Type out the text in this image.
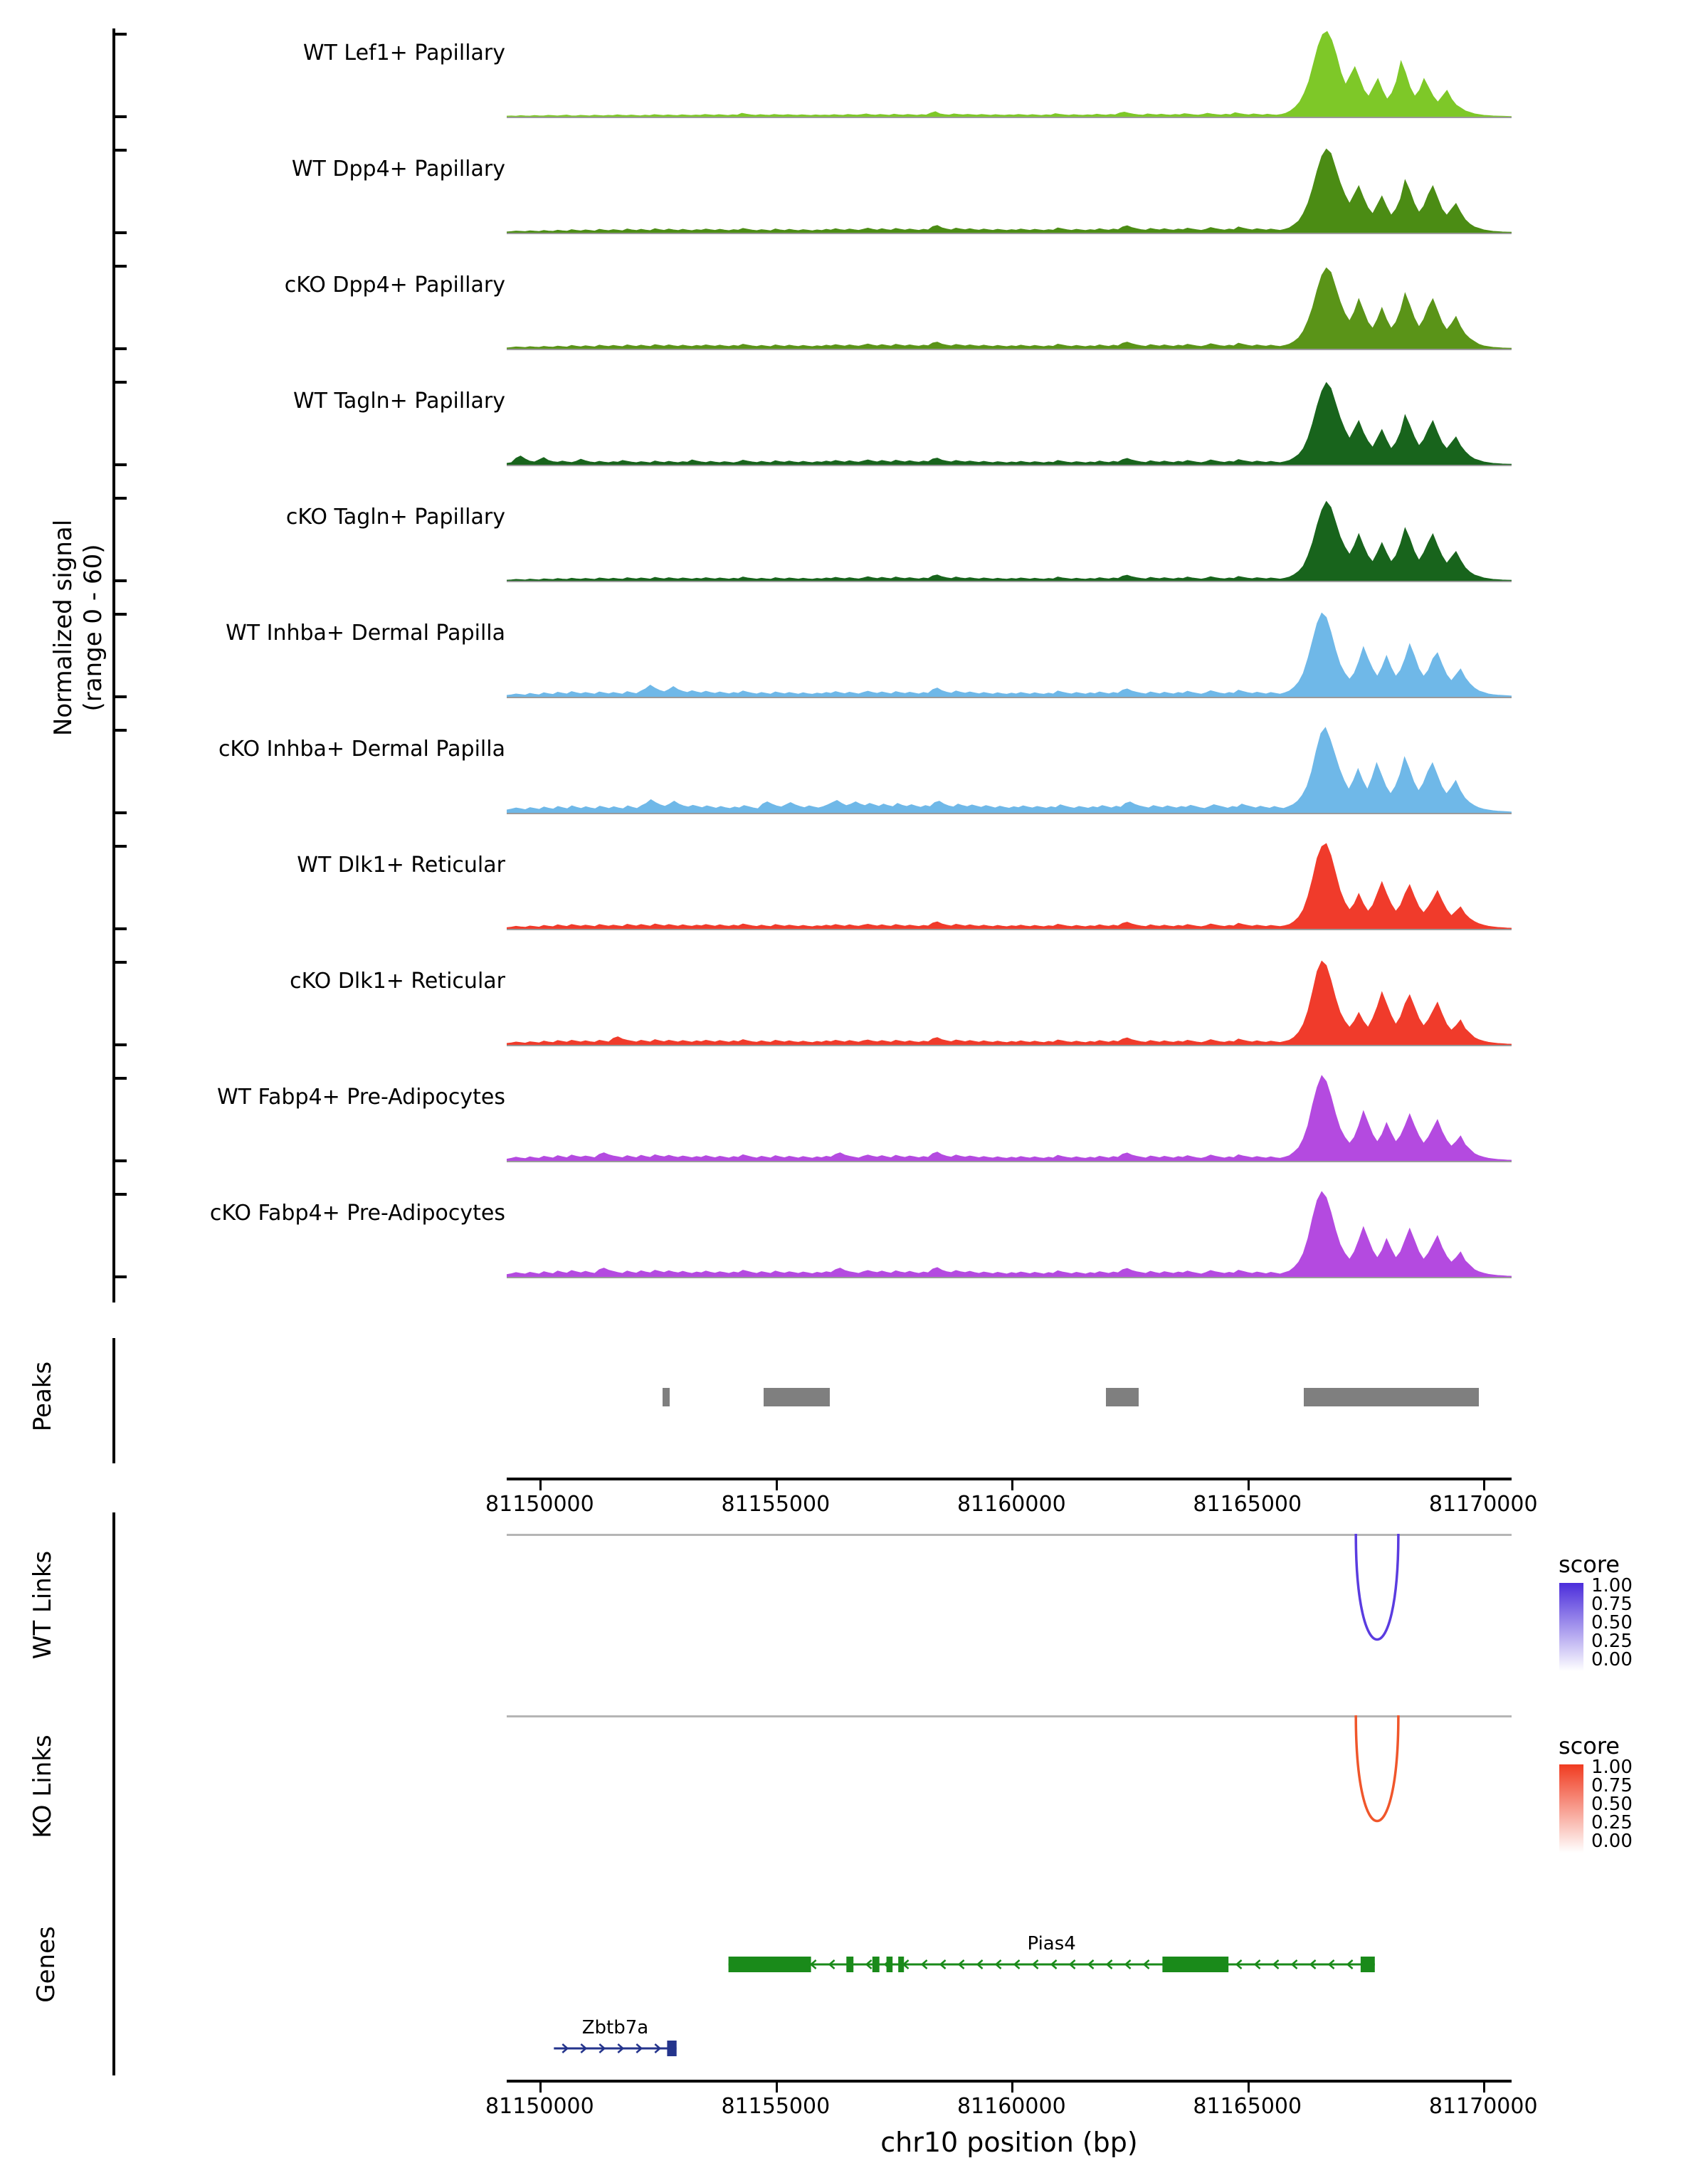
Normalized signal (range 0 - 60)
WT Lef1+ Papillary
WT Dpp4+ Papillary
cKO Dpp4+ Papillary
WT Tagln+ Papillary
cKO Tagln+ Papillary
WT Inhba+ Dermal Papilla
cKO Inhba+ Dermal Papilla
WT Dlk1+ Reticular
cKO Dlk1+ Reticular
WT Fabp4+ Pre-Adipocytes
cKO Fabp4+ Pre-Adipocytes
Peaks
81150000	81155000	81160000	81165000	81170000
WT Links	score
1.00
0.75
0.50
0.25
0.00
KO Links	score
1.00
0.75
0.50
0.25
0.00
Genes	Pias4
Zbtb7a
81150000	81155000	81160000	81165000	81170000
chr10 position (bp)
